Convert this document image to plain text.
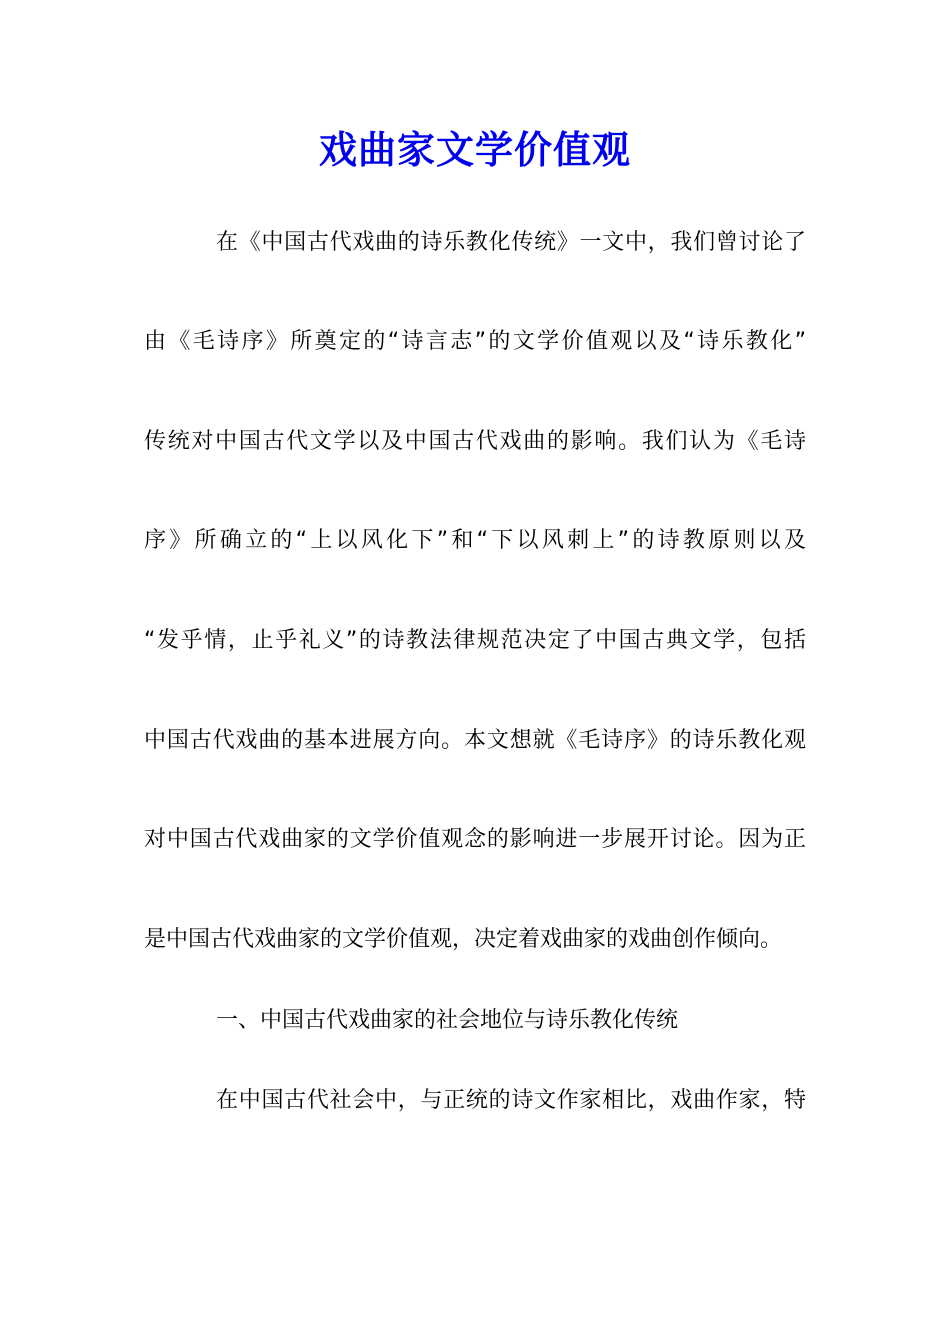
戏曲家文学价值观
在《中国古代戏曲的诗乐教化传统》一文中，我们曾讨论了
由《毛诗序》所奠定的“诗言志”的文学价值观以及“诗乐教化”
传统对中国古代文学以及中国古代戏曲的影响。我们认为《毛诗
序》所确立的“上以风化下”和“下以风刺上”的诗教原则以及
“发乎情，止乎礼义”的诗教法律规范决定了中国古典文学，包括
中国古代戏曲的基本进展方向。本文想就《毛诗序》的诗乐教化观
对中国古代戏曲家的文学价值观念的影响进一步展开讨论。因为正
是中国古代戏曲家的文学价值观，决定着戏曲家的戏曲创作倾向。
一、中国古代戏曲家的社会地位与诗乐教化传统
在中国古代社会中，与正统的诗文作家相比，戏曲作家，特
